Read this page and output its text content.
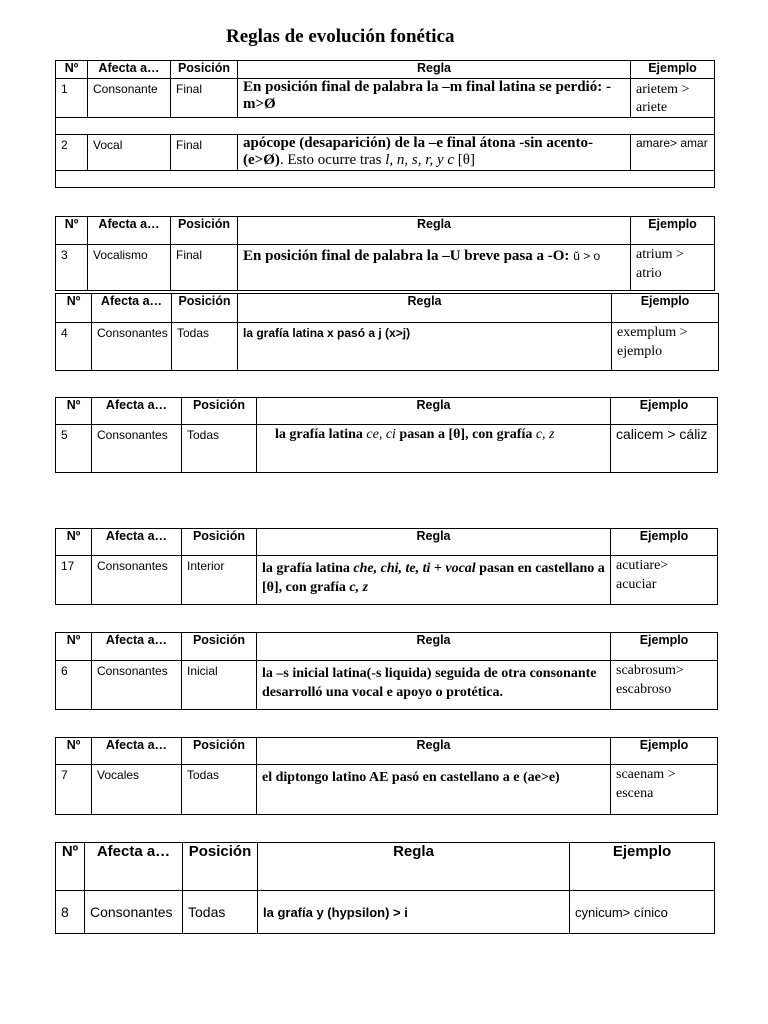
Reglas de evolución fonética
Nº	Afecta a…	Posición	Regla	Ejemplo
1	Consonante	Final	En posición final de palabra la –m final latina se perdió: - m>Ø	arietem > ariete

2	Vocal	Final	apócope (desaparición) de la –e final átona -sin acento- (e>Ø). Esto ocurre tras l, n, s, r, y c [θ]	amare> amar

Nº	Afecta a…	Posición	Regla	Ejemplo
3	Vocalismo	Final	En posición final de palabra la –U breve pasa a -O: ŭ > o	atrium > atrio
Nº	Afecta a…	Posición	Regla	Ejemplo
4	Consonantes	Todas	la grafía latina x pasó a j (x>j)	exemplum > ejemplo
Nº	Afecta a…	Posición	Regla	Ejemplo
5	Consonantes	Todas	la grafía latina ce, ci pasan a [θ], con grafía c, z	calicem > cáliz
Nº	Afecta a…	Posición	Regla	Ejemplo
17	Consonantes	Interior	la grafía latina che, chi, te, ti + vocal pasan en castellano a [θ], con grafía c, z	acutiare> acuciar
Nº	Afecta a…	Posición	Regla	Ejemplo
6	Consonantes	Inicial	la –s inicial latina(-s liquida) seguida de otra consonante desarrolló una vocal e apoyo o protética.	scabrosum> escabroso
Nº	Afecta a…	Posición	Regla	Ejemplo
7	Vocales	Todas	el diptongo latino AE pasó en castellano a e (ae>e)	scaenam > escena
Nº	Afecta a…	Posición	Regla	Ejemplo
8	Consonantes	Todas	la grafía y (hypsilon) > i	cynicum> cínico
